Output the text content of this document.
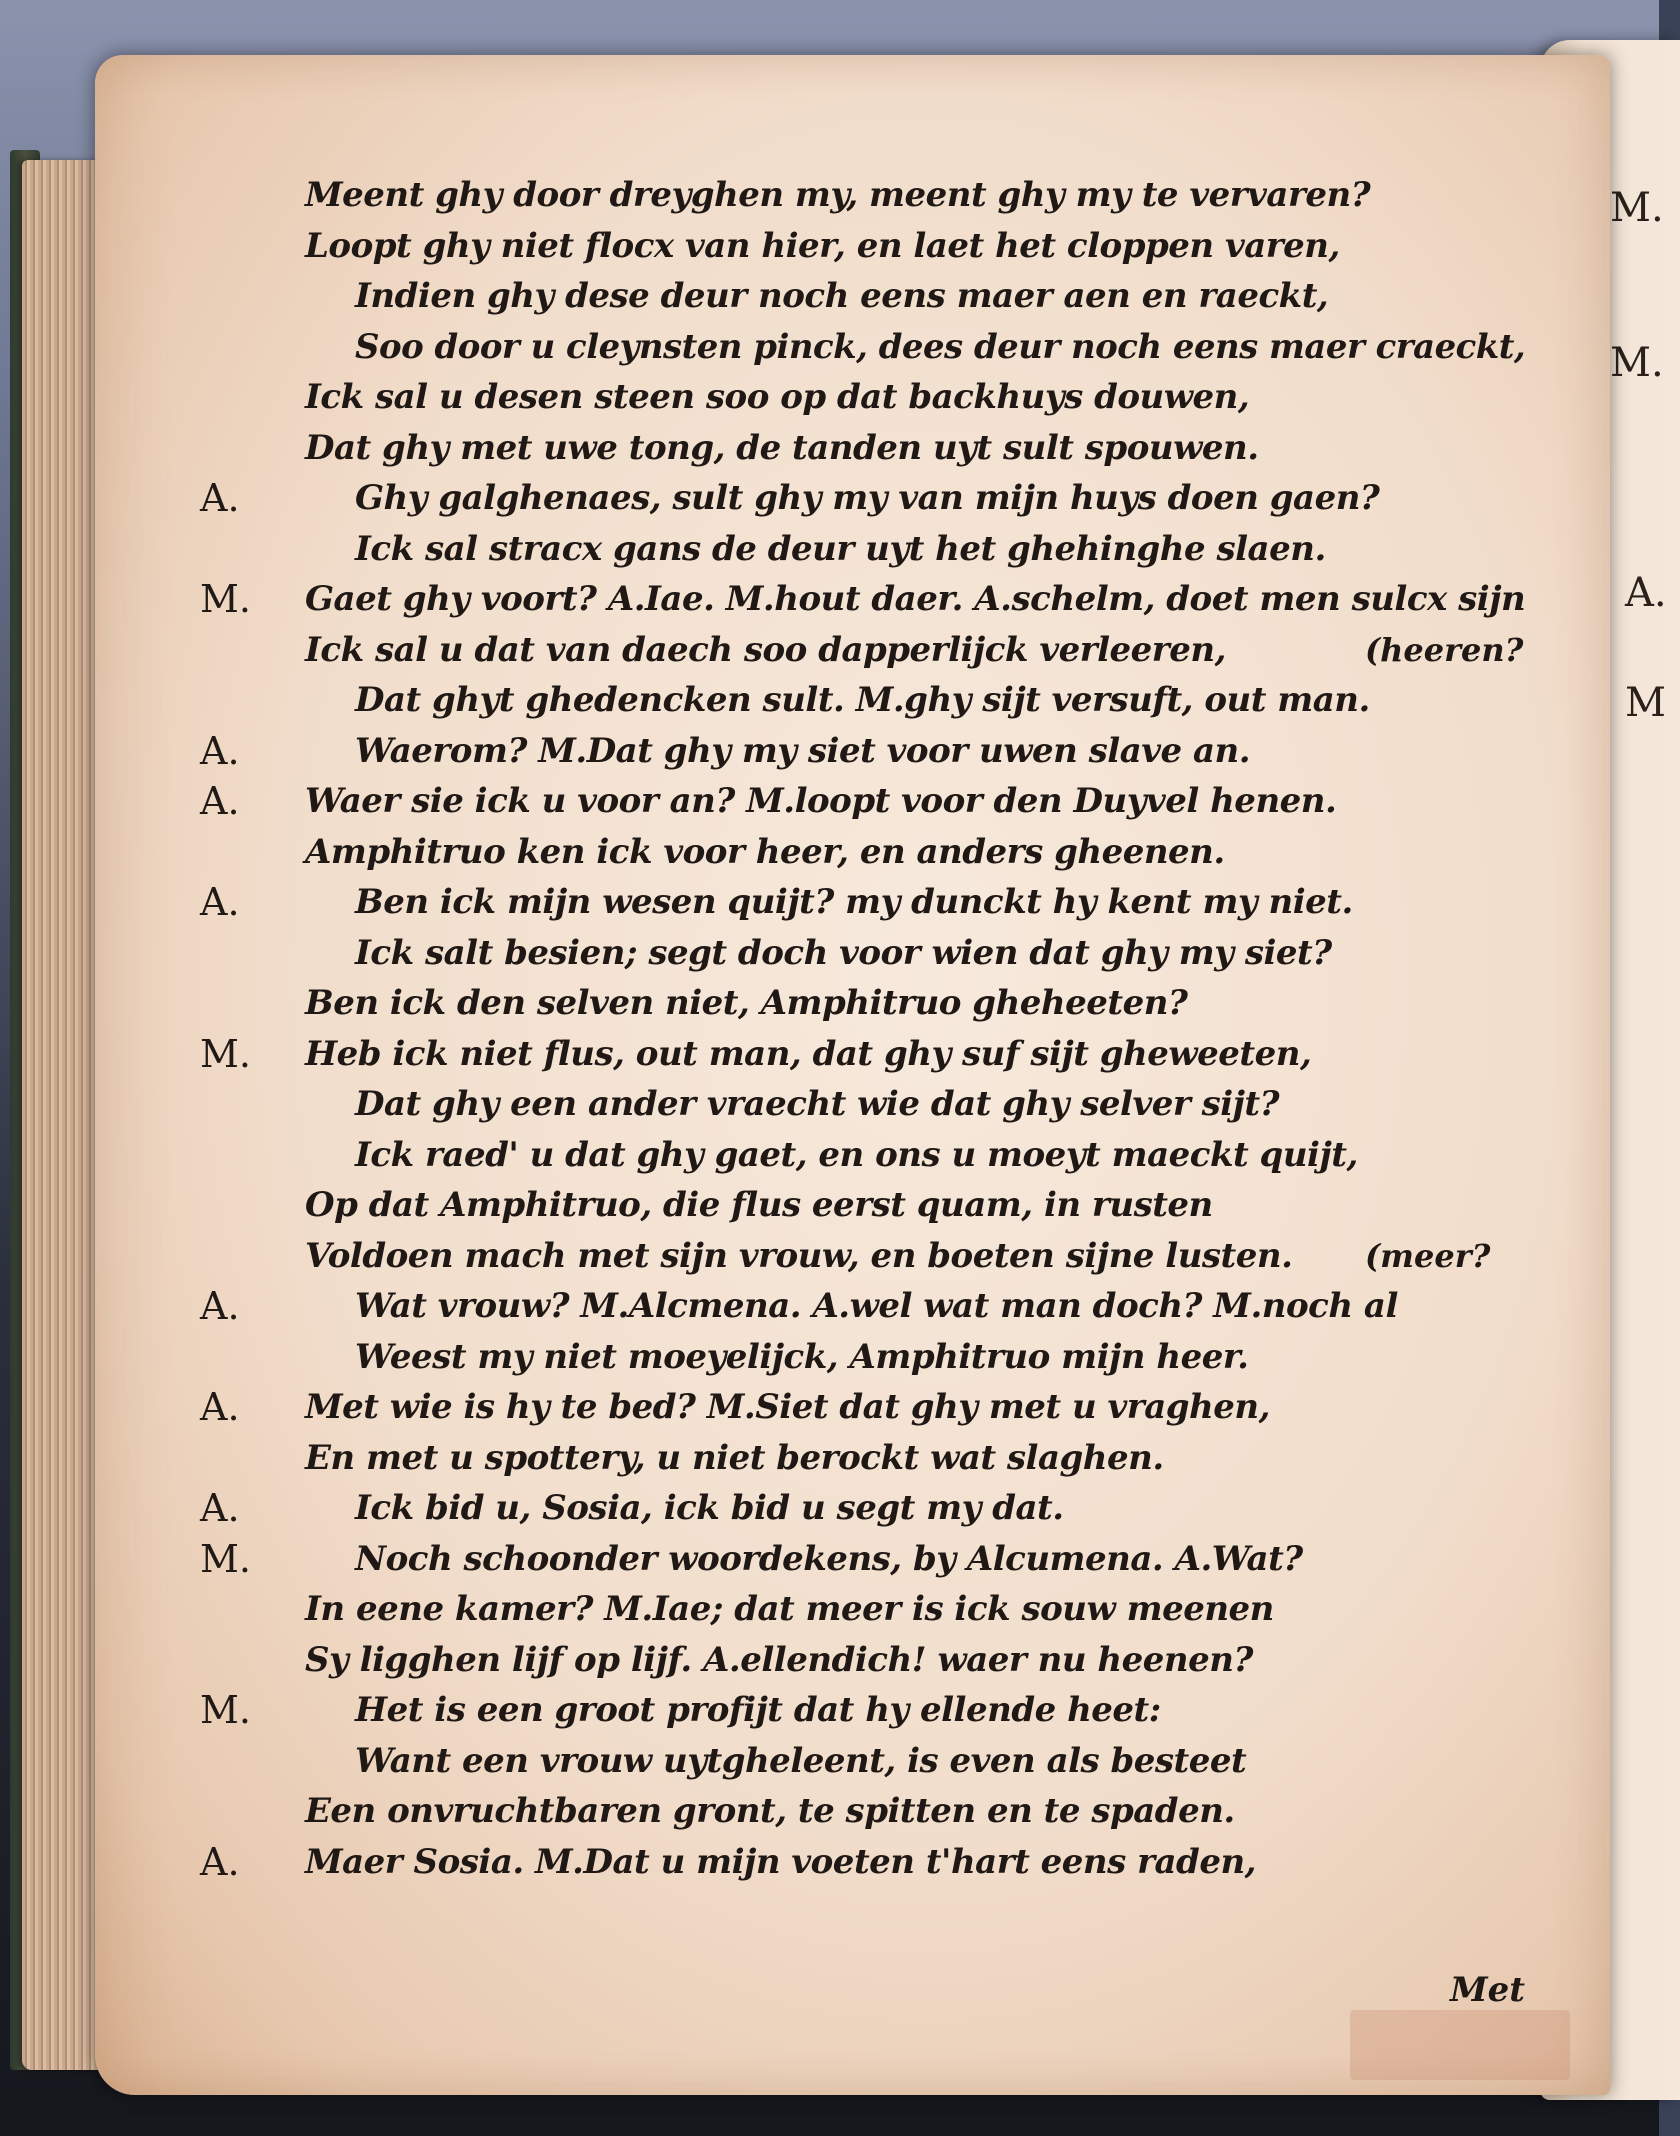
M.
M.
A.
M
Meent ghy door dreyghen my, meent ghy my te vervaren?
Loopt ghy niet flocx van hier, en laet het cloppen varen,
Indien ghy dese deur noch eens maer aen en raeckt,
Soo door u cleynsten pinck, dees deur noch eens maer craeckt,
Ick sal u desen steen soo op dat backhuys douwen,
Dat ghy met uwe tong, de tanden uyt sult spouwen.
A.	Ghy galghenaes, sult ghy my van mijn huys doen gaen?
Ick sal stracx gans de deur uyt het ghehinghe slaen.
M.	Gaet ghy voort? A.Iae. M.hout daer. A.schelm, doet men sulcx sijn
Ick sal u dat van daech soo dapperlijck verleeren,	(heeren?
Dat ghyt ghedencken sult. M.ghy sijt versuft, out man.
A.	Waerom? M.Dat ghy my siet voor uwen slave an.
A.	Waer sie ick u voor an? M.loopt voor den Duyvel henen.
Amphitruo ken ick voor heer, en anders gheenen.
A.	Ben ick mijn wesen quijt? my dunckt hy kent my niet.
Ick salt besien; segt doch voor wien dat ghy my siet?
Ben ick den selven niet, Amphitruo gheheeten?
M.	Heb ick niet flus, out man, dat ghy suf sijt gheweeten,
Dat ghy een ander vraecht wie dat ghy selver sijt?
Ick raed' u dat ghy gaet, en ons u moeyt maeckt quijt,
Op dat Amphitruo, die flus eerst quam, in rusten
Voldoen mach met sijn vrouw, en boeten sijne lusten. (meer?
A.	Wat vrouw? M.Alcmena. A.wel wat man doch? M.noch al
Weest my niet moeyelijck, Amphitruo mijn heer.
A.	Met wie is hy te bed? M.Siet dat ghy met u vraghen,
En met u spottery, u niet berockt wat slaghen.
A.	Ick bid u, Sosia, ick bid u segt my dat.
M.	Noch schoonder woordekens, by Alcumena. A.Wat?
In eene kamer? M.Iae; dat meer is ick souw meenen
Sy ligghen lijf op lijf. A.ellendich! waer nu heenen?
M.	Het is een groot profijt dat hy ellende heet:
Want een vrouw uytgheleent, is even als besteet
Een onvruchtbaren gront, te spitten en te spaden.
A.	Maer Sosia. M.Dat u mijn voeten t'hart eens raden,
Met
